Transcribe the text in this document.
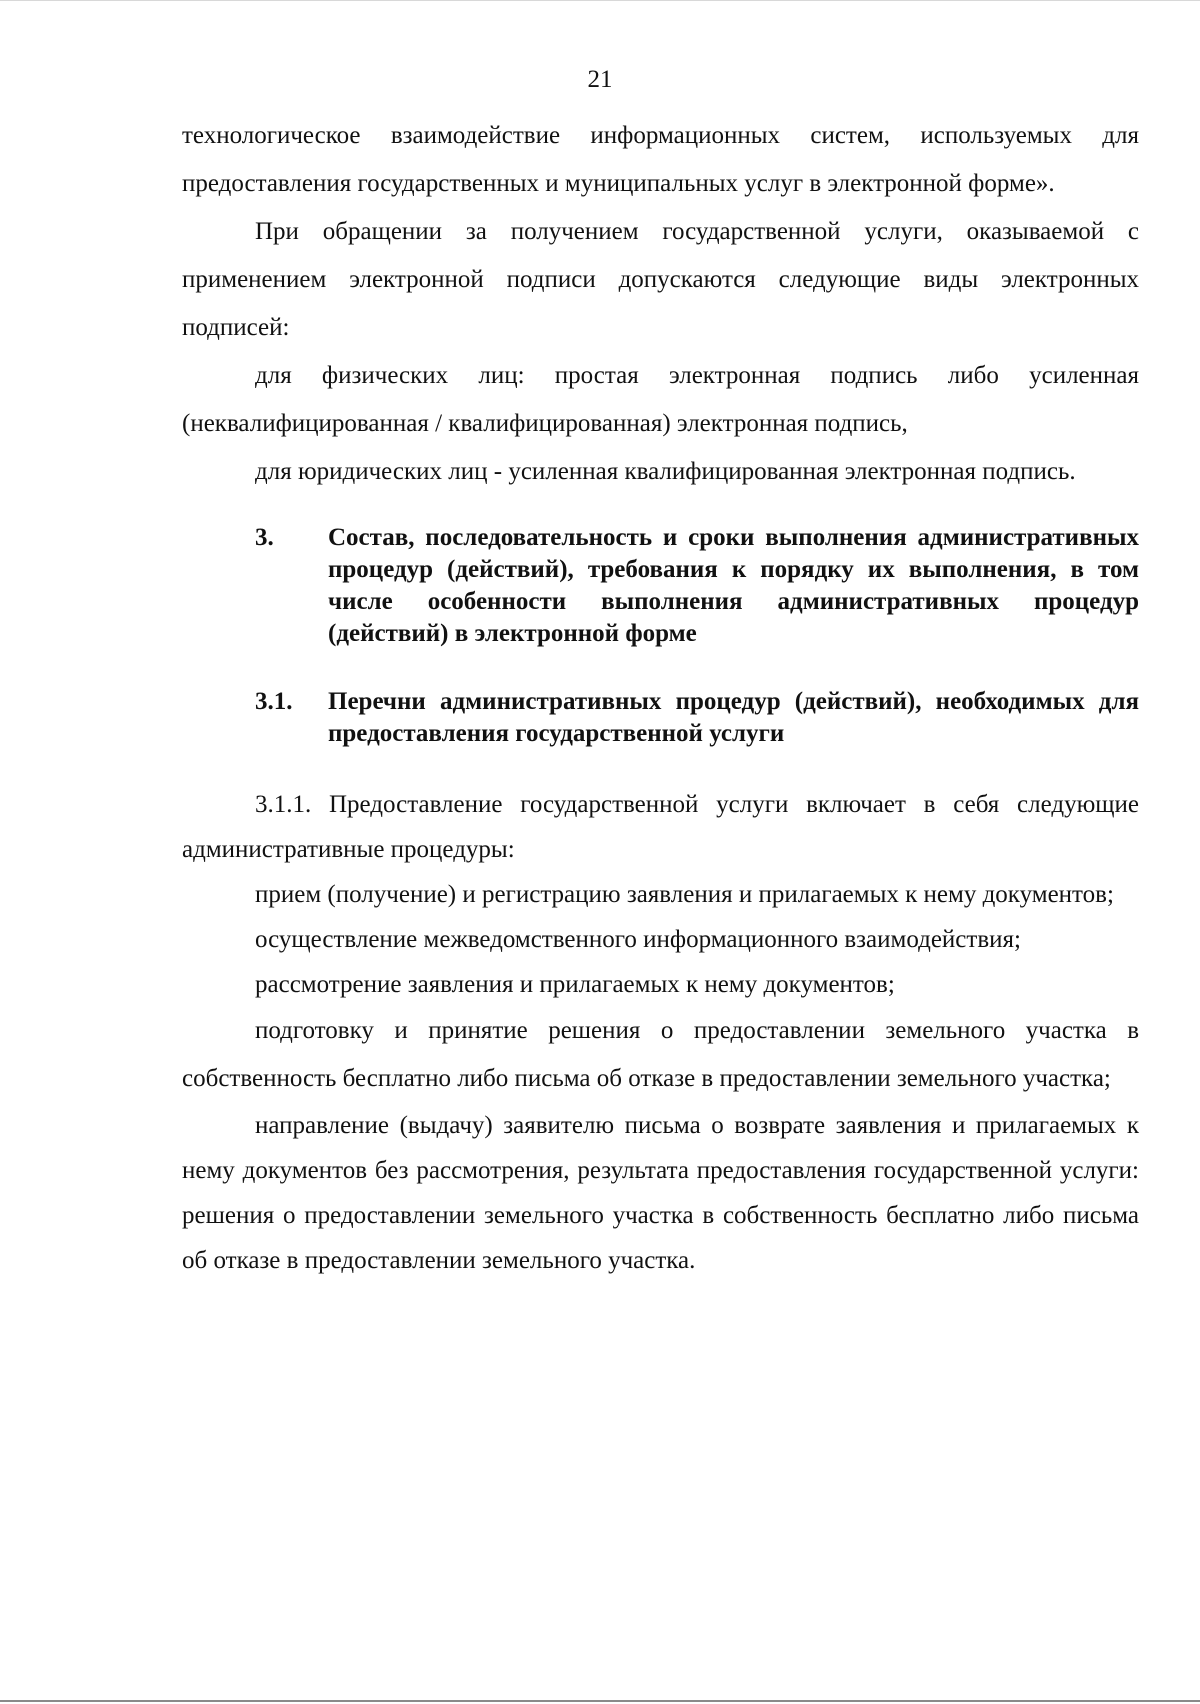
21

технологическое взаимодействие информационных систем, используемых для предоставления государственных и муниципальных услуг в электронной форме».

При обращении за получением государственной услуги, оказываемой с применением электронной подписи допускаются следующие виды электронных подписей:

для физических лиц: простая электронная подпись либо усиленная (неквалифицированная / квалифицированная) электронная подпись,

для юридических лиц - усиленная квалифицированная электронная подпись.

3.	Состав, последовательность и сроки выполнения административных процедур (действий), требования к порядку их выполнения, в том числе особенности выполнения административных процедур (действий) в электронной форме
3.1.	Перечни административных процедур (действий), необходимых для предоставления государственной услуги

3.1.1. Предоставление государственной услуги включает в себя следующие административные процедуры:

прием (получение) и регистрацию заявления и прилагаемых к нему документов;

осуществление межведомственного информационного взаимодействия;

рассмотрение заявления и прилагаемых к нему документов;

подготовку и принятие решения о предоставлении земельного участка в собственность бесплатно либо письма об отказе в предоставлении земельного участка;

направление (выдачу) заявителю письма о возврате заявления и прилагаемых к нему документов без рассмотрения, результата предоставления государственной услуги: решения о предоставлении земельного участка в собственность бесплатно либо письма об отказе в предоставлении земельного участка.
